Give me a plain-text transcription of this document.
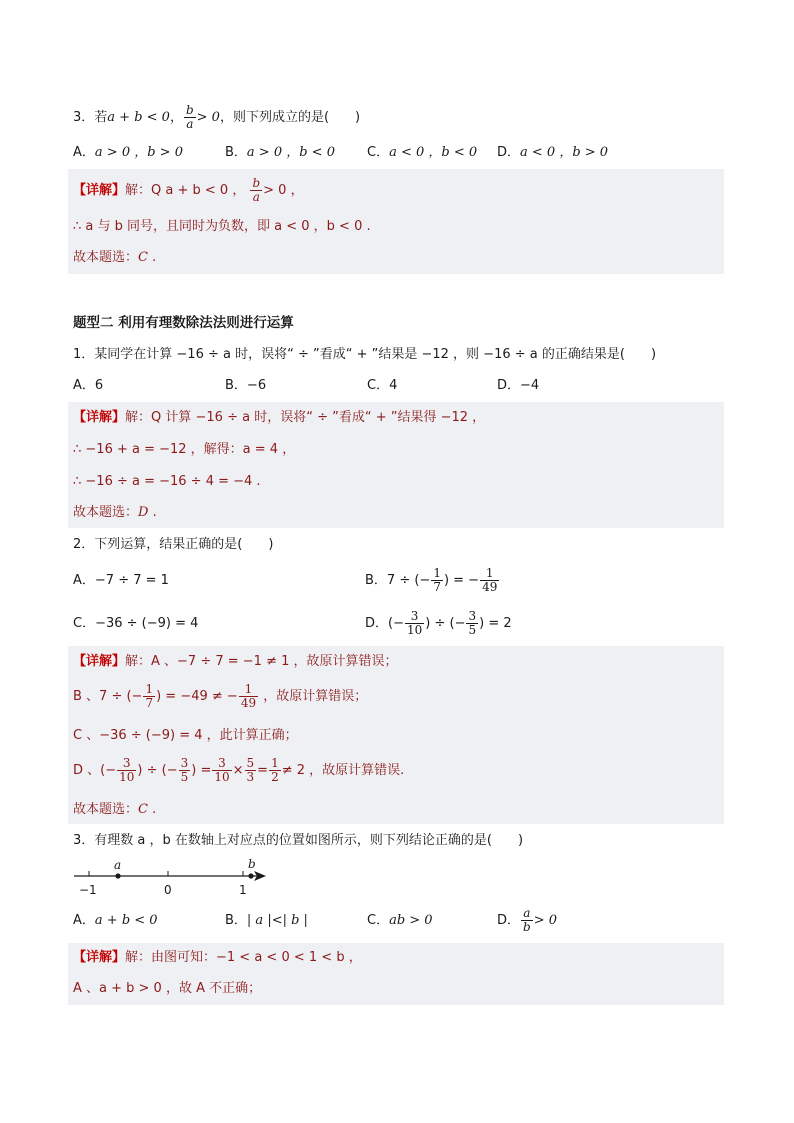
3．若a + b < 0， $\frac{b}{a} > 0$，则下列成立的是(　　)
A．a > 0 ，b > 0	B．a > 0 ，b < 0 C．a < 0 ，b < 0 D．a < 0 ，b > 0
【详解】解：Q a + b < 0 ， $\frac{b}{a} > 0$ ，
∴ a 与 b 同号，且同时为负数，即 a < 0 ，b < 0 .
故本题选：C .
题型二 利用有理数除法法则进行运算
1．某同学在计算 −16 ÷ a 时，误将“ ÷ ”看成“ + ”结果是 −12 ，则 −16 ÷ a 的正确结果是(　　)
A．6	B．−6	C．4	D．−4
【详解】解：Q 计算 −16 ÷ a 时，误将“ ÷ ”看成“ + ”结果得 −12 ，
∴ −16 + a = −12 ，解得：a = 4 ，
∴ −16 ÷ a = −16 ÷ 4 = −4 .
故本题选：D .
2．下列运算，结果正确的是(　　)
A．−7 ÷ 7 = 1	B．7 ÷ (− $\frac{1}{7}$ ) = − $\frac{1}{49}$
C．−36 ÷ (−9) = 4	D．(− $\frac{3}{10}$ ) ÷ (− $\frac{3}{5}$ ) = 2
【详解】解：A 、−7 ÷ 7 = −1 ≠ 1 ，故原计算错误；
B 、7 ÷ (− $\frac{1}{7}$ ) = −49 ≠ − $\frac{1}{49}$ ，故原计算错误；
C 、−36 ÷ (−9) = 4 ，此计算正确；
D 、(− $\frac{3}{10}$ ) ÷ (− $\frac{3}{5}$ ) = $\frac{3}{10} \times \frac{5}{3} = \frac{1}{2} \ne 2$ ，故原计算错误.
故本题选：C .
3．有理数 a ，b 在数轴上对应点的位置如图所示，则下列结论正确的是(　　)
a	b
−1	0	1
A．a + b < 0	B．| a |<| b |	C．ab > 0	D． $\frac{a}{b} > 0$
【详解】解：由图可知：−1 < a < 0 < 1 < b ，
A 、a + b > 0 ，故 A 不正确；
